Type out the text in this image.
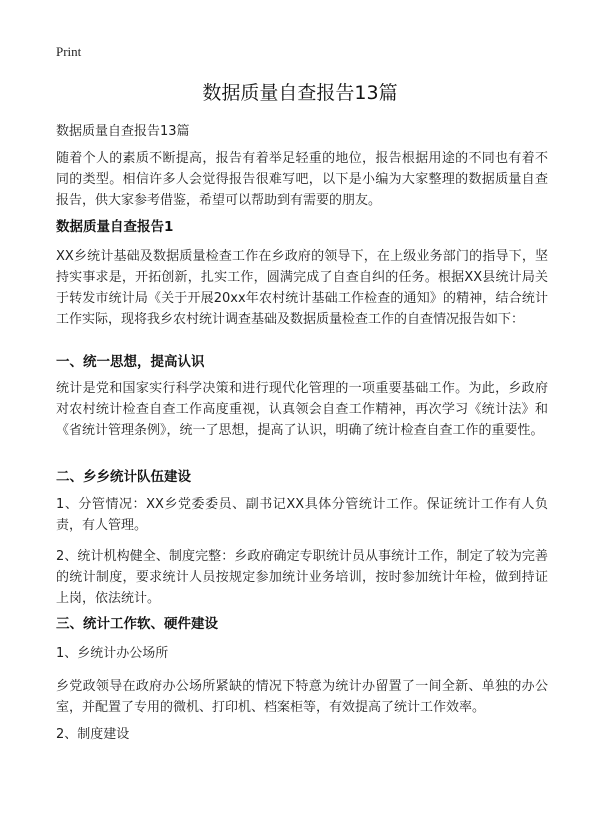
Print
数据质量自查报告13篇
数据质量自查报告13篇

随着个人的素质不断提高，报告有着举足轻重的地位，报告根据用途的不同也有着不同的类型。相信许多人会觉得报告很难写吧，以下是小编为大家整理的数据质量自查报告，供大家参考借鉴，希望可以帮助到有需要的朋友。

数据质量自查报告1

XX乡统计基础及数据质量检查工作在乡政府的领导下，在上级业务部门的指导下，坚持实事求是，开拓创新，扎实工作，圆满完成了自查自纠的任务。根据XX县统计局关于转发市统计局《关于开展20xx年农村统计基础工作检查的通知》的精神，结合统计工作实际，现将我乡农村统计调查基础及数据质量检查工作的自查情况报告如下：

一、统一思想，提高认识

统计是党和国家实行科学决策和进行现代化管理的一项重要基础工作。为此，乡政府对农村统计检查自查工作高度重视，认真领会自查工作精神，再次学习《统计法》和《省统计管理条例》，统一了思想，提高了认识，明确了统计检查自查工作的重要性。

二、乡乡统计队伍建设

1、分管情况：XX乡党委委员、副书记XX具体分管统计工作。保证统计工作有人负责，有人管理。

2、统计机构健全、制度完整：乡政府确定专职统计员从事统计工作，制定了较为完善的统计制度，要求统计人员按规定参加统计业务培训，按时参加统计年检，做到持证上岗，依法统计。

三、统计工作软、硬件建设

1、乡统计办公场所

乡党政领导在政府办公场所紧缺的情况下特意为统计办留置了一间全新、单独的办公室，并配置了专用的微机、打印机、档案柜等，有效提高了统计工作效率。

2、制度建设
